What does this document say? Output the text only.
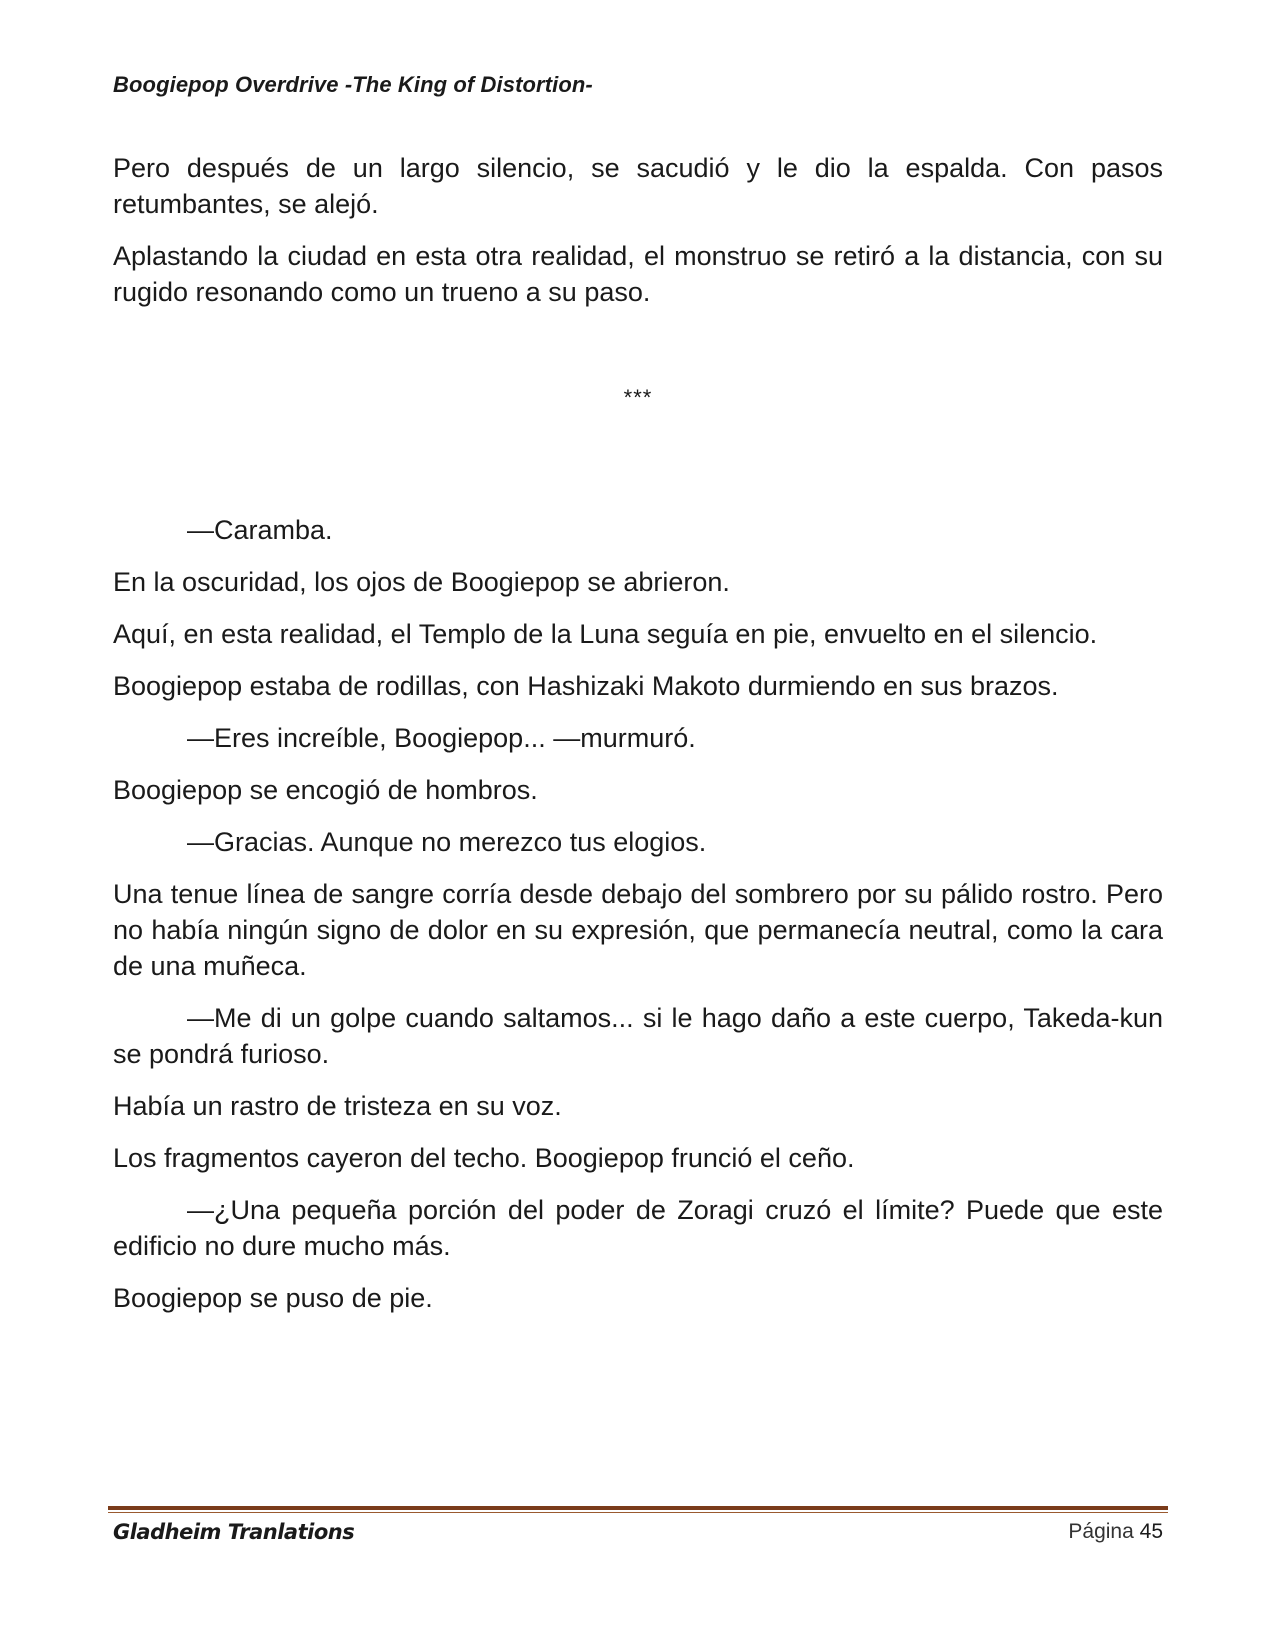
Boogiepop Overdrive -The King of Distortion-

Pero después de un largo silencio, se sacudió y le dio la espalda. Con pasos retumbantes, se alejó.

Aplastando la ciudad en esta otra realidad, el monstruo se retiró a la distancia, con su rugido resonando como un trueno a su paso.

***

—Caramba.

En la oscuridad, los ojos de Boogiepop se abrieron.

Aquí, en esta realidad, el Templo de la Luna seguía en pie, envuelto en el silencio.

Boogiepop estaba de rodillas, con Hashizaki Makoto durmiendo en sus brazos.

—Eres increíble, Boogiepop... —murmuró.

Boogiepop se encogió de hombros.

—Gracias. Aunque no merezco tus elogios.

Una tenue línea de sangre corría desde debajo del sombrero por su pálido rostro. Pero no había ningún signo de dolor en su expresión, que permanecía neutral, como la cara de una muñeca.

—Me di un golpe cuando saltamos... si le hago daño a este cuerpo, Takeda-kun se pondrá furioso.

Había un rastro de tristeza en su voz.

Los fragmentos cayeron del techo. Boogiepop frunció el ceño.

—¿Una pequeña porción del poder de Zoragi cruzó el límite? Puede que este edificio no dure mucho más.

Boogiepop se puso de pie.

Gladheim Tranlations	Página 45
